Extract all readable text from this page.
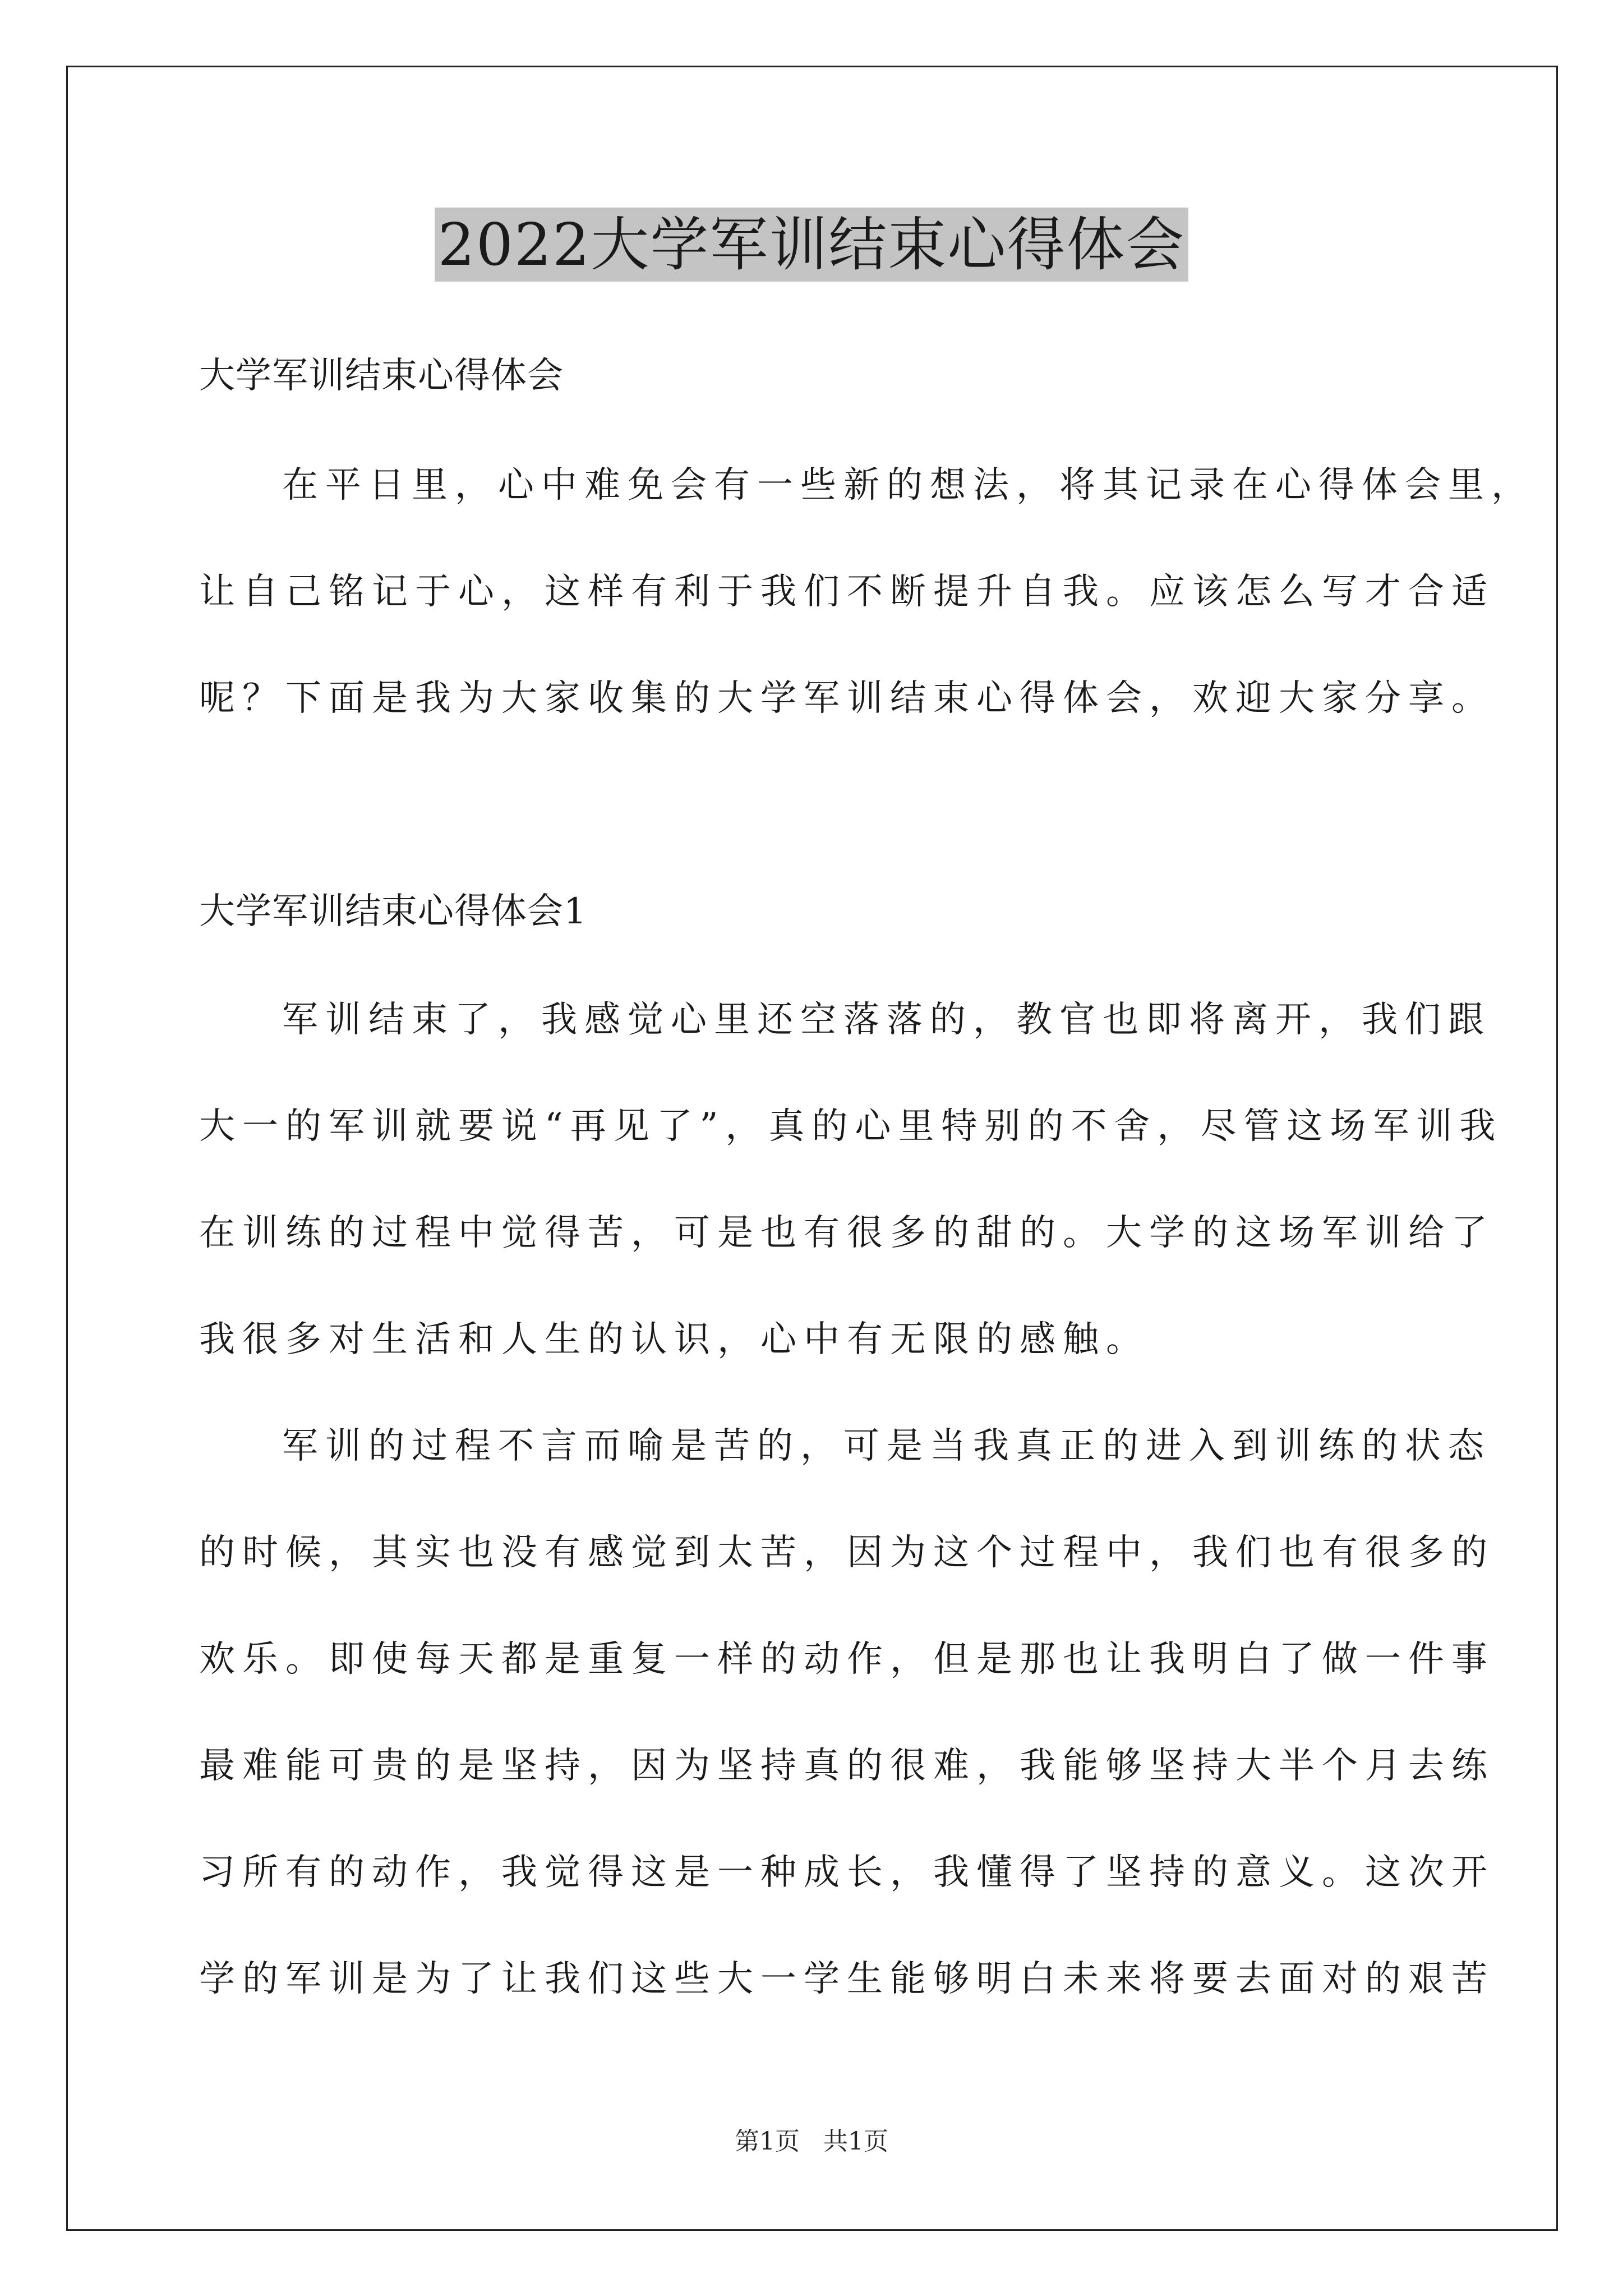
2022大学军训结束心得体会
大学军训结束心得体会
在平日里，心中难免会有一些新的想法，将其记录在心得体会里，
让自己铭记于心，这样有利于我们不断提升自我。应该怎么写才合适
呢？下面是我为大家收集的大学军训结束心得体会，欢迎大家分享。
大学军训结束心得体会1
军训结束了，我感觉心里还空落落的，教官也即将离开，我们跟
大一的军训就要说“再见了”，真的心里特别的不舍，尽管这场军训我
在训练的过程中觉得苦，可是也有很多的甜的。大学的这场军训给了
我很多对生活和人生的认识，心中有无限的感触。
军训的过程不言而喻是苦的，可是当我真正的进入到训练的状态
的时候，其实也没有感觉到太苦，因为这个过程中，我们也有很多的
欢乐。即使每天都是重复一样的动作，但是那也让我明白了做一件事
最难能可贵的是坚持，因为坚持真的很难，我能够坚持大半个月去练
习所有的动作，我觉得这是一种成长，我懂得了坚持的意义。这次开
学的军训是为了让我们这些大一学生能够明白未来将要去面对的艰苦
第1页 共1页
